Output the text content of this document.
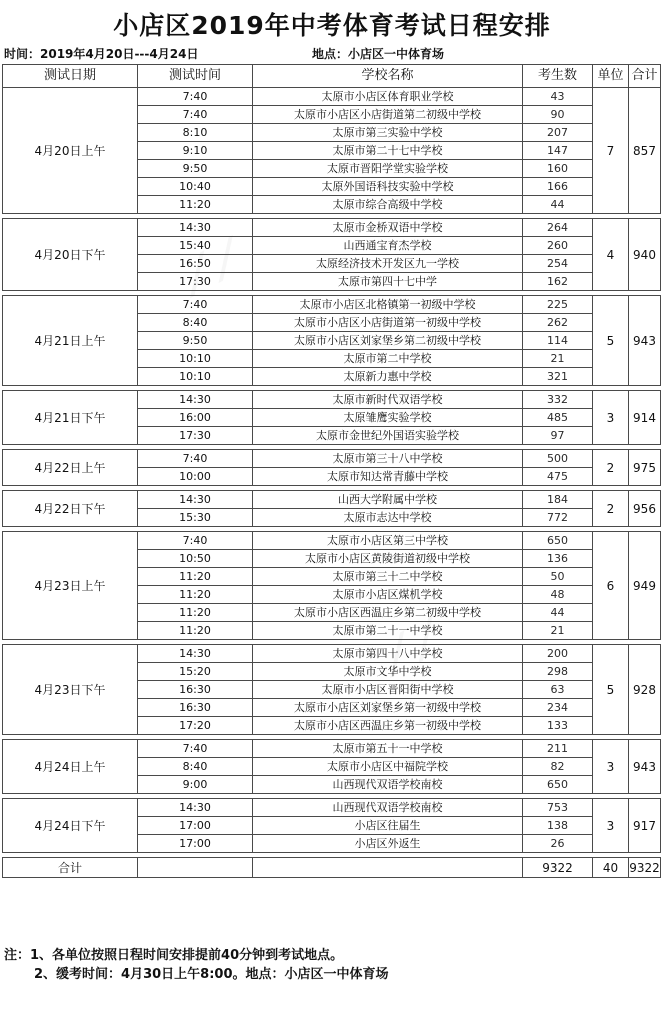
小店区2019年中考体育考试日程安排
时间：2019年4月20日---4月24日	地点：小店区一中体育场
测试日期	测试时间	学校名称	考生数	单位	合计
4月20日上午	7:40	太原市小店区体育职业学校	43	7	857
	7:40	太原市小店区小店街道第二初级中学校	90		
	8:10	太原市第三实验中学校	207		
	9:10	太原市第二十七中学校	147		
	9:50	太原市晋阳学堂实验学校	160		
	10:40	太原外国语科技实验中学校	166		
	11:20	太原市综合高级中学校	44		

4月20日下午	14:30	太原市金桥双语中学校	264	4	940
	15:40	山西通宝育杰学校	260		
	16:50	太原经济技术开发区九一学校	254		
	17:30	太原市第四十七中学	162		

4月21日上午	7:40	太原市小店区北格镇第一初级中学校	225	5	943
	8:40	太原市小店区小店街道第一初级中学校	262		
	9:50	太原市小店区刘家堡乡第二初级中学校	114		
	10:10	太原市第二中学校	21		
	10:10	太原新力惠中学校	321		

4月21日下午	14:30	太原市新时代双语学校	332	3	914
	16:00	太原雏鹰实验学校	485		
	17:30	太原市金世纪外国语实验学校	97		

4月22日上午	7:40	太原市第三十八中学校	500	2	975
	10:00	太原市知达常青藤中学校	475		

4月22日下午	14:30	山西大学附属中学校	184	2	956
	15:30	太原市志达中学校	772		

4月23日上午	7:40	太原市小店区第三中学校	650	6	949
	10:50	太原市小店区黄陵街道初级中学校	136		
	11:20	太原市第三十二中学校	50		
	11:20	太原市小店区煤机学校	48		
	11:20	太原市小店区西温庄乡第二初级中学校	44		
	11:20	太原市第二十一中学校	21		

4月23日下午	14:30	太原市第四十八中学校	200	5	928
	15:20	太原市文华中学校	298		
	16:30	太原市小店区晋阳街中学校	63		
	16:30	太原市小店区刘家堡乡第一初级中学校	234		
	17:20	太原市小店区西温庄乡第一初级中学校	133		

4月24日上午	7:40	太原市第五十一中学校	211	3	943
	8:40	太原市小店区中福院学校	82		
	9:00	山西现代双语学校南校	650		

4月24日下午	14:30	山西现代双语学校南校	753	3	917
	17:00	小店区往届生	138		
	17:00	小店区外返生	26		

合计			9322	40	9322
注：1、各单位按照日程时间安排提前40分钟到考试地点。
2、缓考时间：4月30日上午8:00。地点：小店区一中体育场
